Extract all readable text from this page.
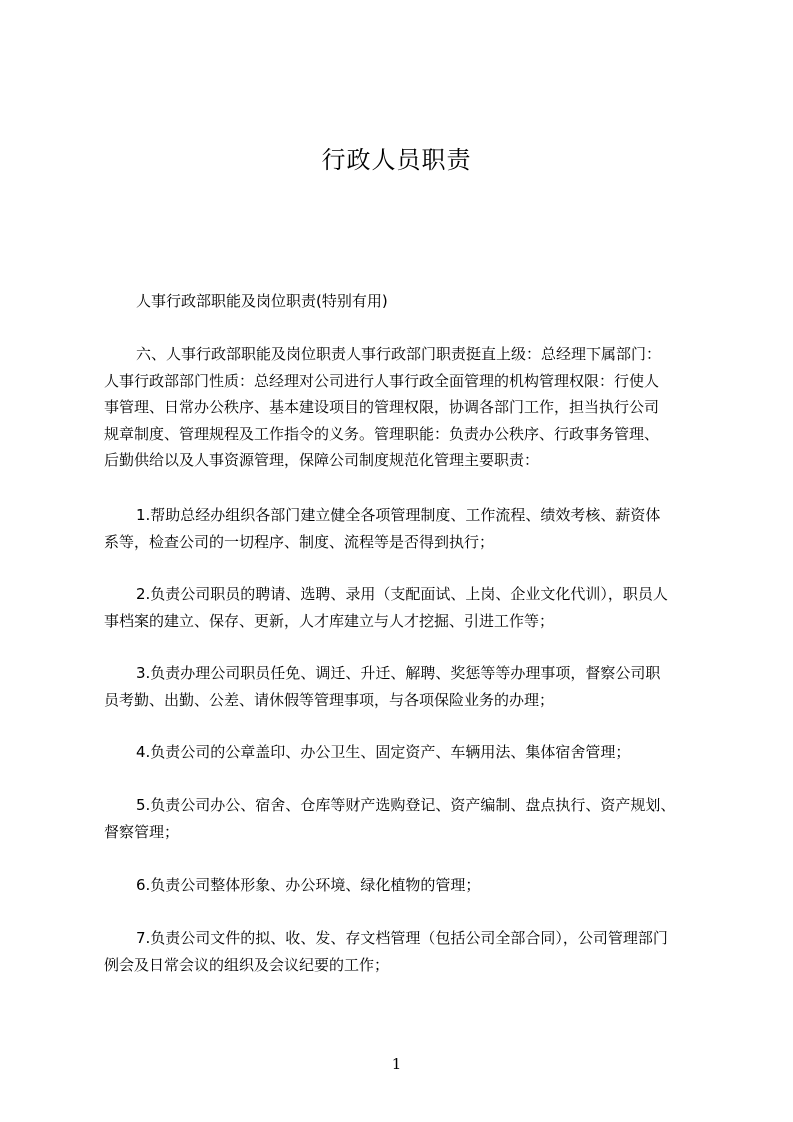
行政人员职责
人事行政部职能及岗位职责(特别有用)
六、人事行政部职能及岗位职责人事行政部门职责挺直上级：总经理下属部门：
人事行政部部门性质：总经理对公司进行人事行政全面管理的机构管理权限：行使人
事管理、日常办公秩序、基本建设项目的管理权限，协调各部门工作，担当执行公司
规章制度、管理规程及工作指令的义务。管理职能：负责办公秩序、行政事务管理、
后勤供给以及人事资源管理，保障公司制度规范化管理主要职责：
1.帮助总经办组织各部门建立健全各项管理制度、工作流程、绩效考核、薪资体
系等，检查公司的一切程序、制度、流程等是否得到执行；
2.负责公司职员的聘请、选聘、录用（支配面试、上岗、企业文化代训），职员人
事档案的建立、保存、更新，人才库建立与人才挖掘、引进工作等；
3.负责办理公司职员任免、调迁、升迁、解聘、奖惩等等办理事项，督察公司职
员考勤、出勤、公差、请休假等管理事项，与各项保险业务的办理；
4.负责公司的公章盖印、办公卫生、固定资产、车辆用法、集体宿舍管理；
5.负责公司办公、宿舍、仓库等财产选购登记、资产编制、盘点执行、资产规划、
督察管理；
6.负责公司整体形象、办公环境、绿化植物的管理；
7.负责公司文件的拟、收、发、存文档管理（包括公司全部合同），公司管理部门
例会及日常会议的组织及会议纪要的工作；
1
